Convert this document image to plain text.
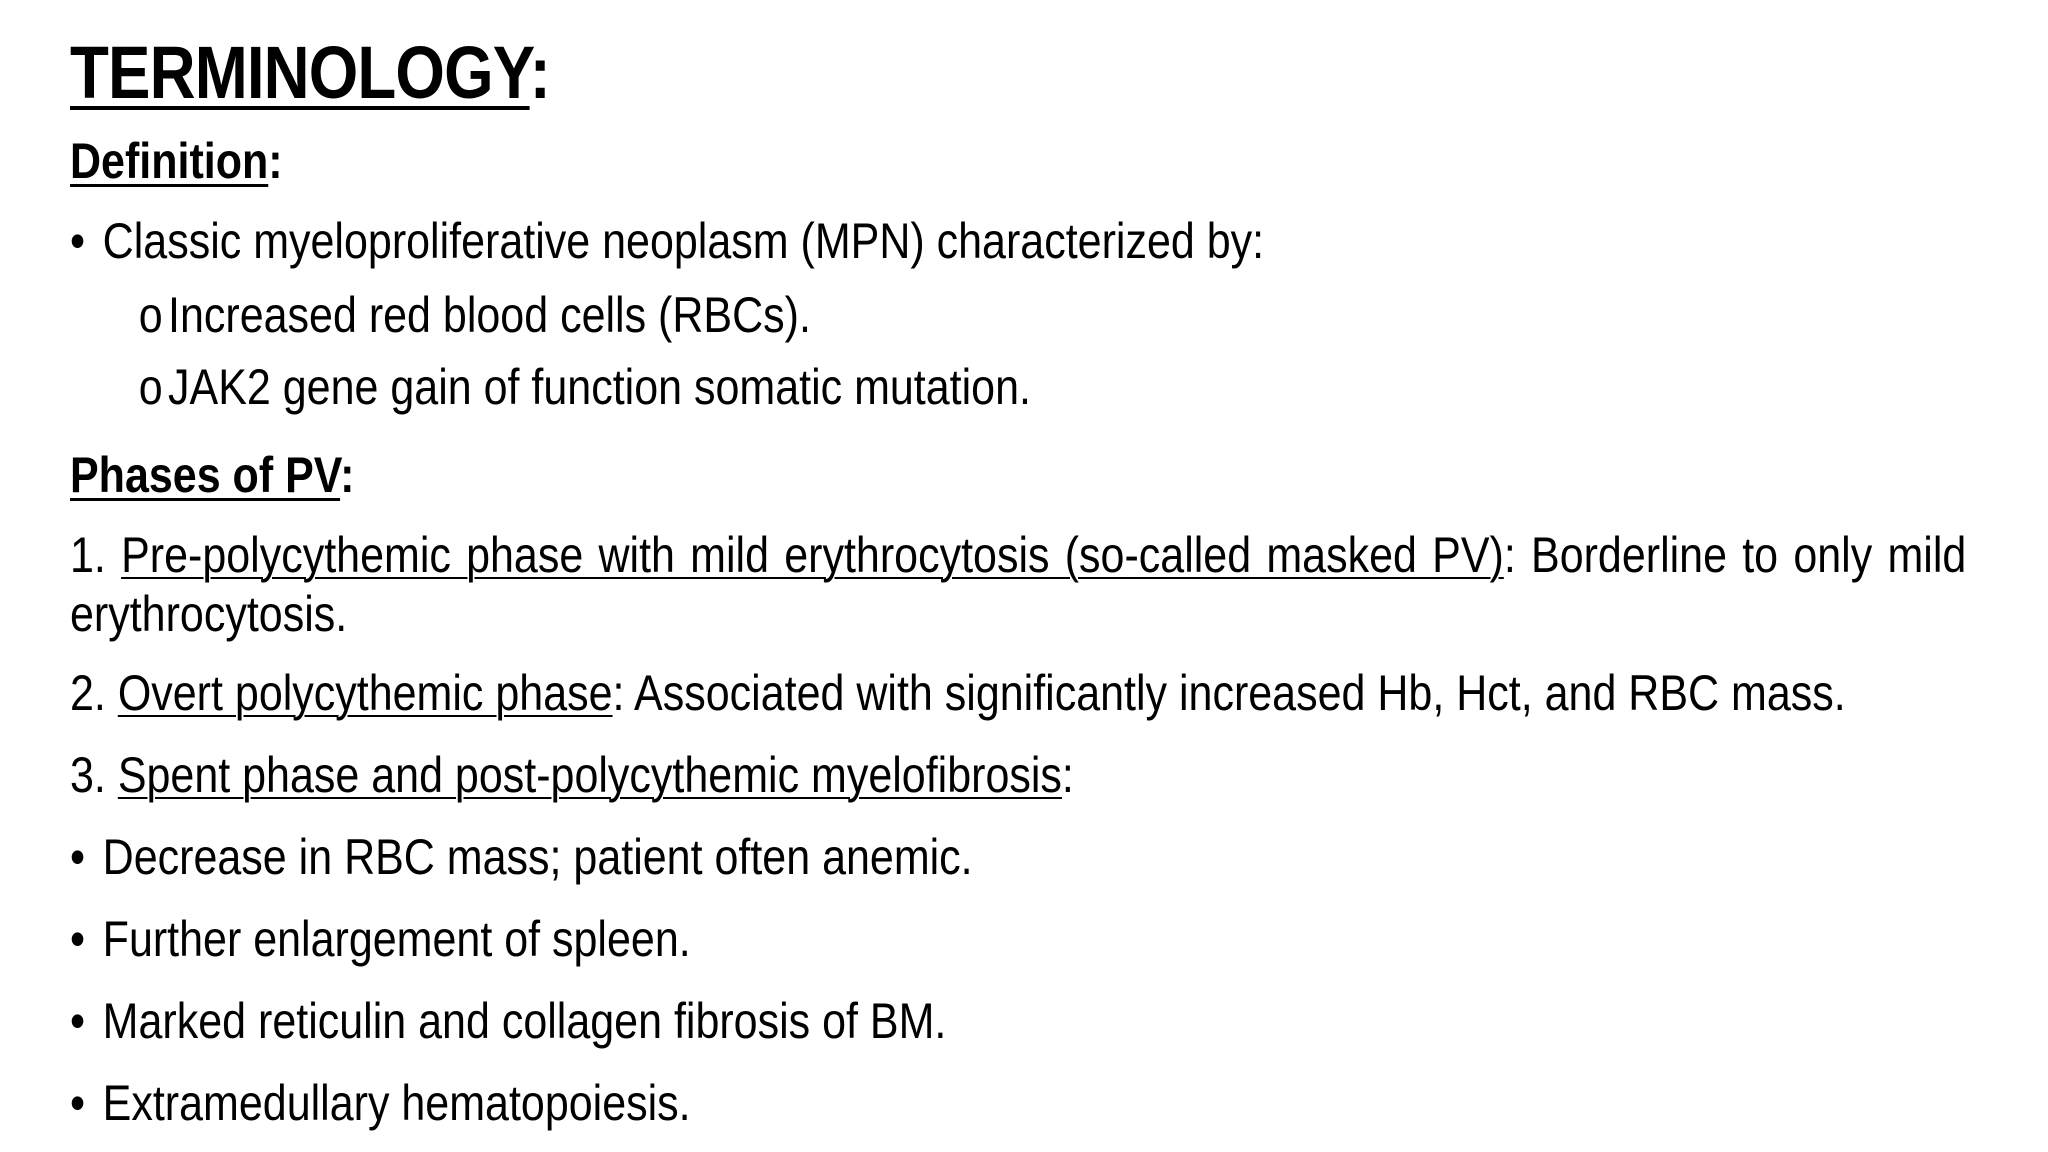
TERMINOLOGY:
Definition:
• Classic myeloproliferative neoplasm (MPN) characterized by:
o Increased red blood cells (RBCs).
o JAK2 gene gain of function somatic mutation.
Phases of PV:
1. Pre-polycythemic phase with mild erythrocytosis (so-called masked PV): Borderline to only mild erythrocytosis.
2. Overt polycythemic phase: Associated with significantly increased Hb, Hct, and RBC mass.
3. Spent phase and post-polycythemic myelofibrosis:
• Decrease in RBC mass; patient often anemic.
• Further enlargement of spleen.
• Marked reticulin and collagen fibrosis of BM.
• Extramedullary hematopoiesis.
